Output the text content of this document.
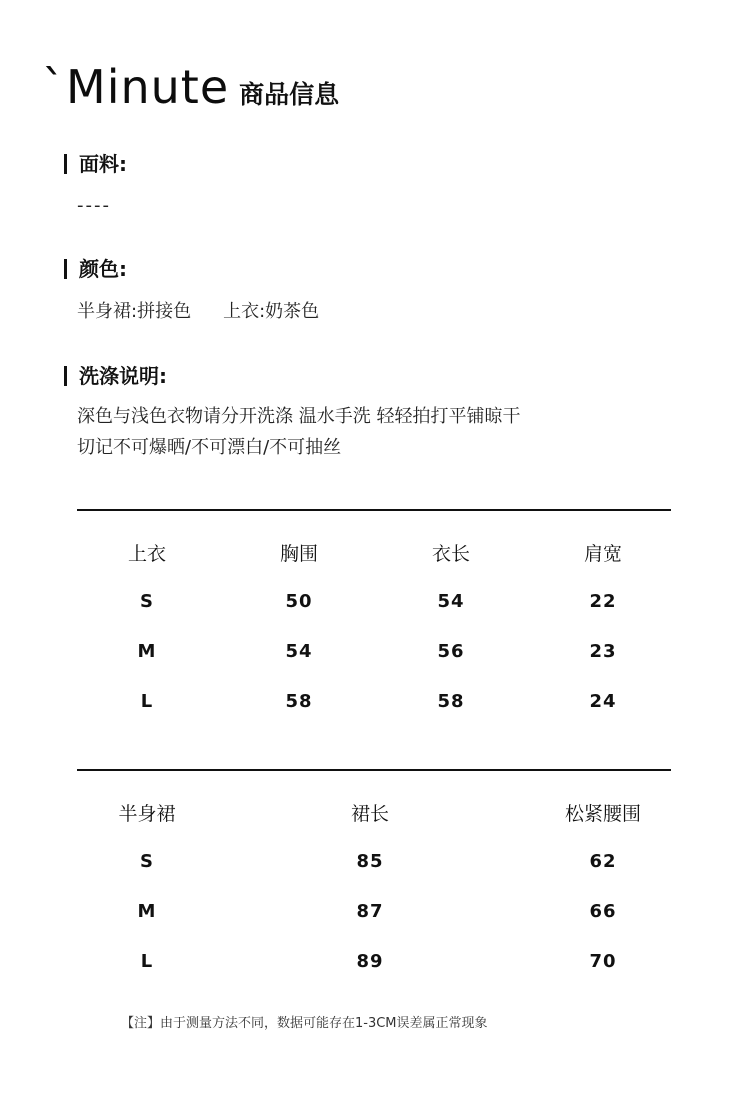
`Minute 商品信息
面料:
----
颜色:
半身裙:拼接色 上衣:奶茶色
洗涤说明:
深色与浅色衣物请分开洗涤 温水手洗 轻轻拍打平铺晾干
切记不可爆晒/不可漂白/不可抽丝
上衣	胸围	衣长	肩宽
S	50	54	22
M	54	56	23
L	58	58	24
半身裙	裙长	松紧腰围
S	85	62
M	87	66
L	89	70
【注】由于测量方法不同，数据可能存在1-3CM误差属正常现象
